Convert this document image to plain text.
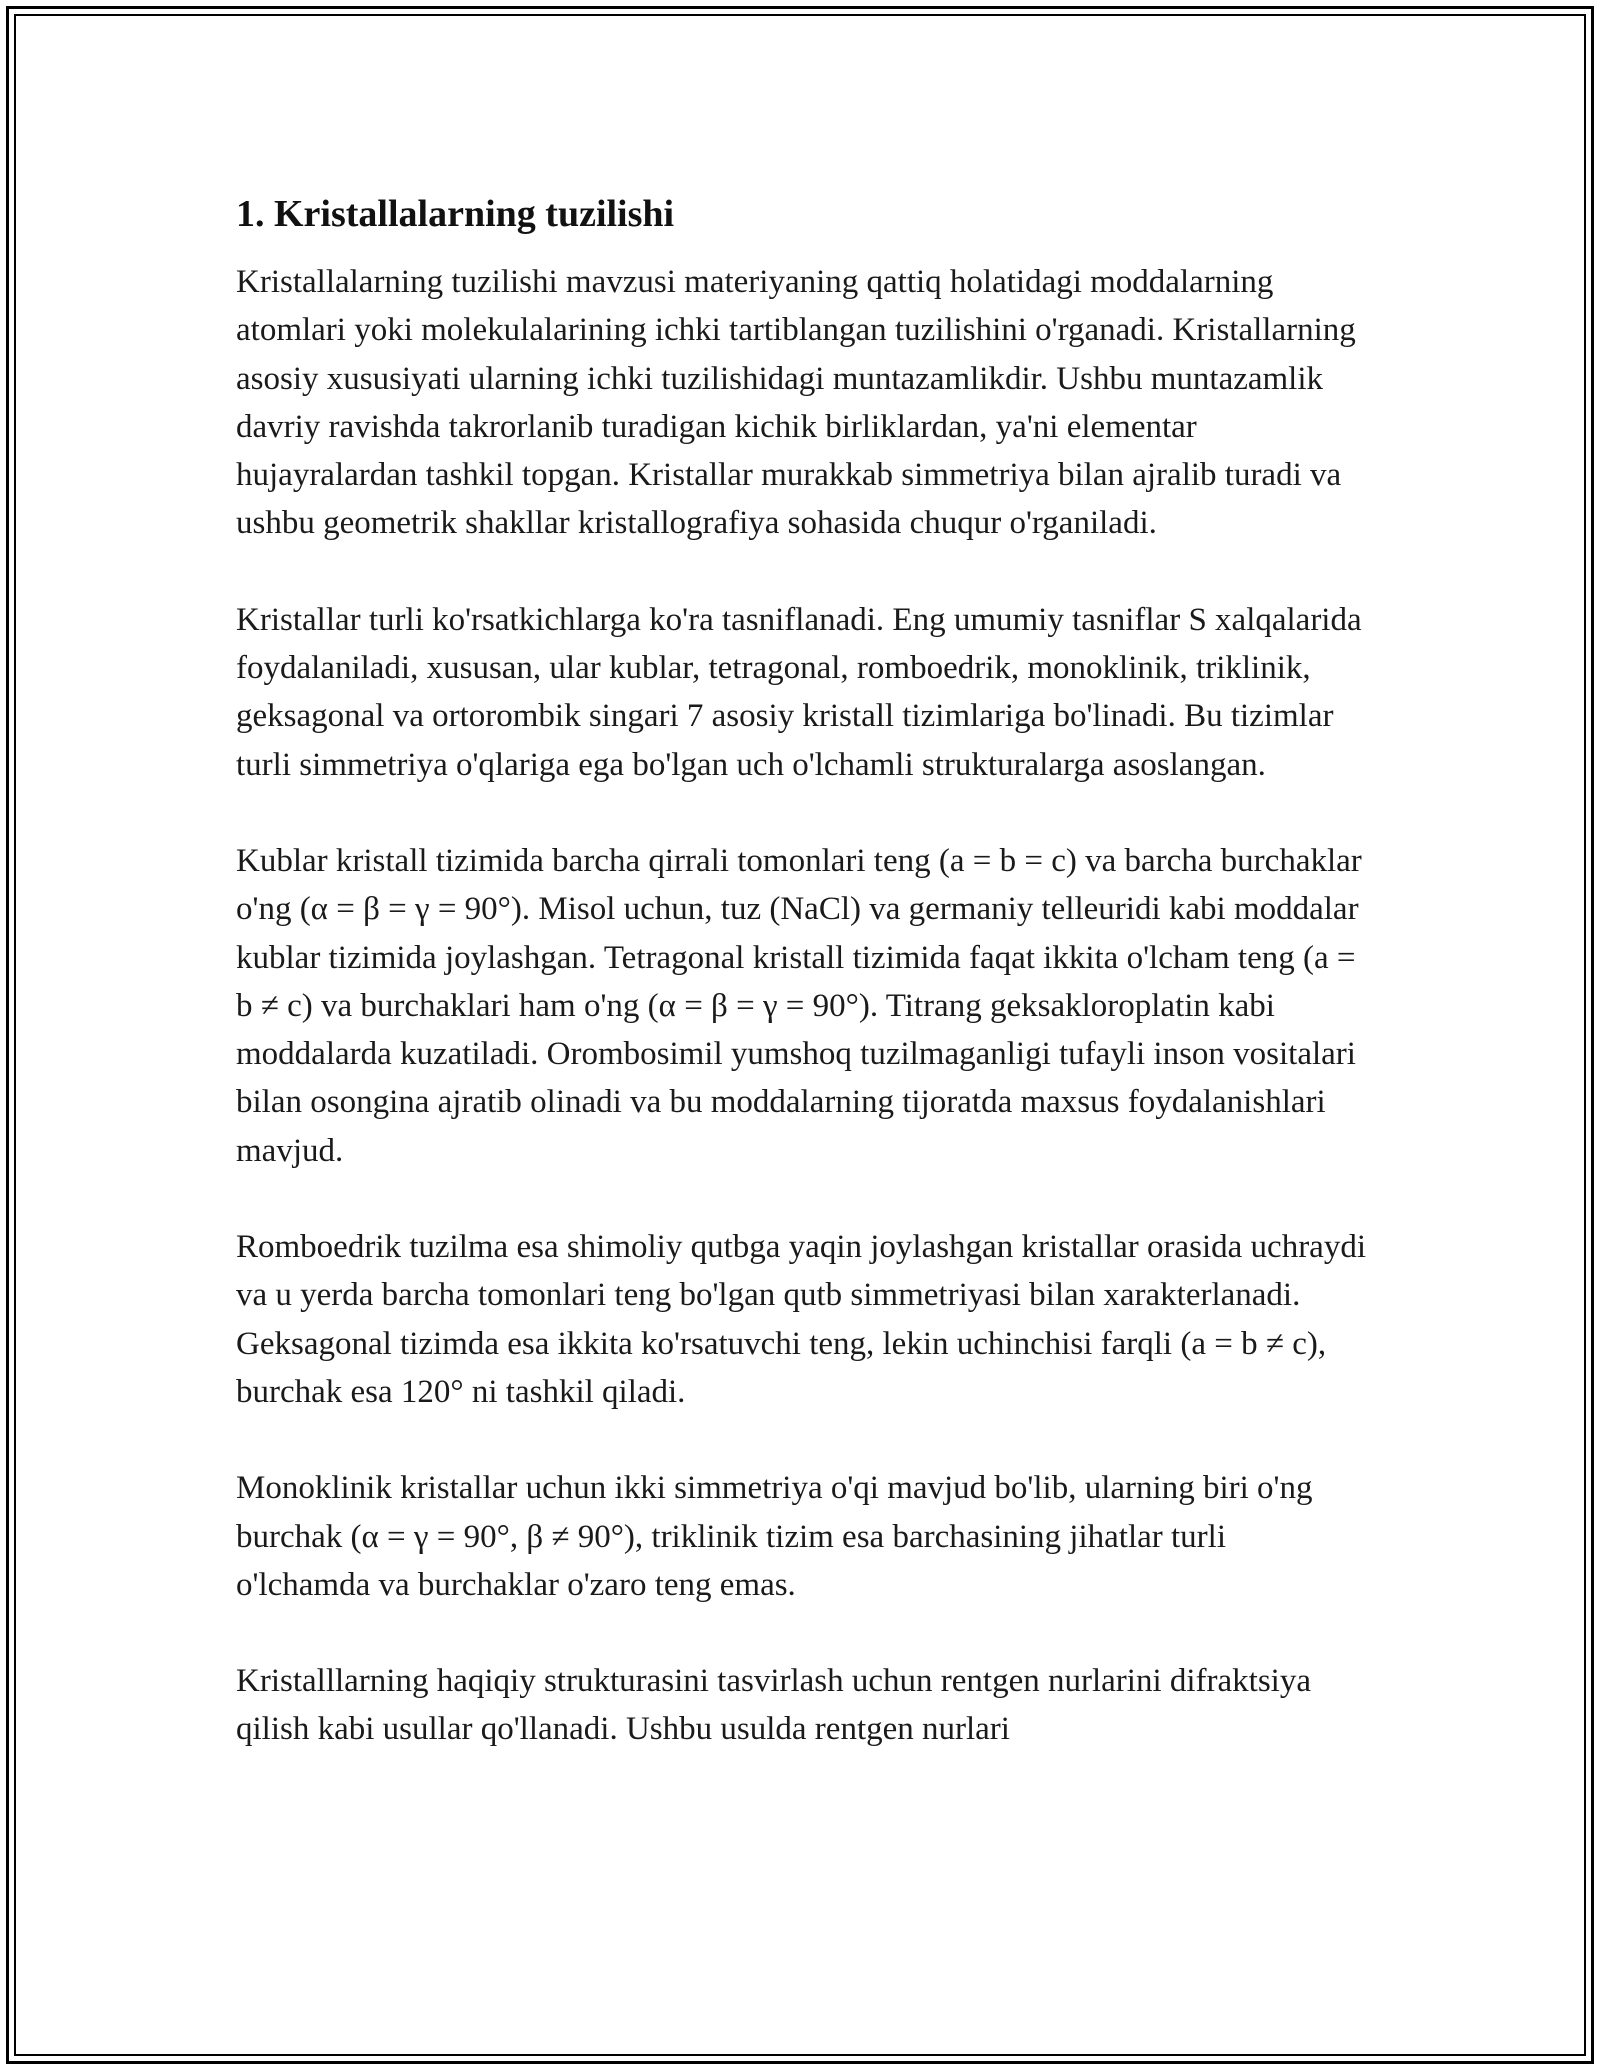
1. Kristallalarning tuzilishi

Kristallalarning tuzilishi mavzusi materiyaning qattiq holatidagi moddalarning atomlari yoki molekulalarining ichki tartiblangan tuzilishini o'rganadi. Kristallarning asosiy xususiyati ularning ichki tuzilishidagi muntazamlikdir. Ushbu muntazamlik davriy ravishda takrorlanib turadigan kichik birliklardan, ya'ni elementar hujayralardan tashkil topgan. Kristallar murakkab simmetriya bilan ajralib turadi va ushbu geometrik shakllar kristallografiya sohasida chuqur o'rganiladi.

Kristallar turli ko'rsatkichlarga ko'ra tasniflanadi. Eng umumiy tasniflar S xalqalarida foydalaniladi, xususan, ular kublar, tetragonal, romboedrik, monoklinik, triklinik, geksagonal va ortorombik singari 7 asosiy kristall tizimlariga bo'linadi. Bu tizimlar turli simmetriya o'qlariga ega bo'lgan uch o'lchamli strukturalarga asoslangan.

Kublar kristall tizimida barcha qirrali tomonlari teng (a = b = c) va barcha burchaklar o'ng (α = β = γ = 90°). Misol uchun, tuz (NaCl) va germaniy telleuridi kabi moddalar kublar tizimida joylashgan. Tetragonal kristall tizimida faqat ikkita o'lcham teng (a = b ≠ c) va burchaklari ham o'ng (α = β = γ = 90°). Titrang geksakloroplatin kabi moddalarda kuzatiladi. Orombosimil yumshoq tuzilmaganligi tufayli inson vositalari bilan osongina ajratib olinadi va bu moddalarning tijoratda maxsus foydalanishlari mavjud.

Romboedrik tuzilma esa shimoliy qutbga yaqin joylashgan kristallar orasida uchraydi va u yerda barcha tomonlari teng bo'lgan qutb simmetriyasi bilan xarakterlanadi. Geksagonal tizimda esa ikkita ko'rsatuvchi teng, lekin uchinchisi farqli (a = b ≠ c), burchak esa 120° ni tashkil qiladi.

Monoklinik kristallar uchun ikki simmetriya o'qi mavjud bo'lib, ularning biri o'ng burchak (α = γ = 90°, β ≠ 90°), triklinik tizim esa barchasining jihatlar turli o'lchamda va burchaklar o'zaro teng emas.

Kristalllarning haqiqiy strukturasini tasvirlash uchun rentgen nurlarini difraktsiya qilish kabi usullar qo'llanadi. Ushbu usulda rentgen nurlari
